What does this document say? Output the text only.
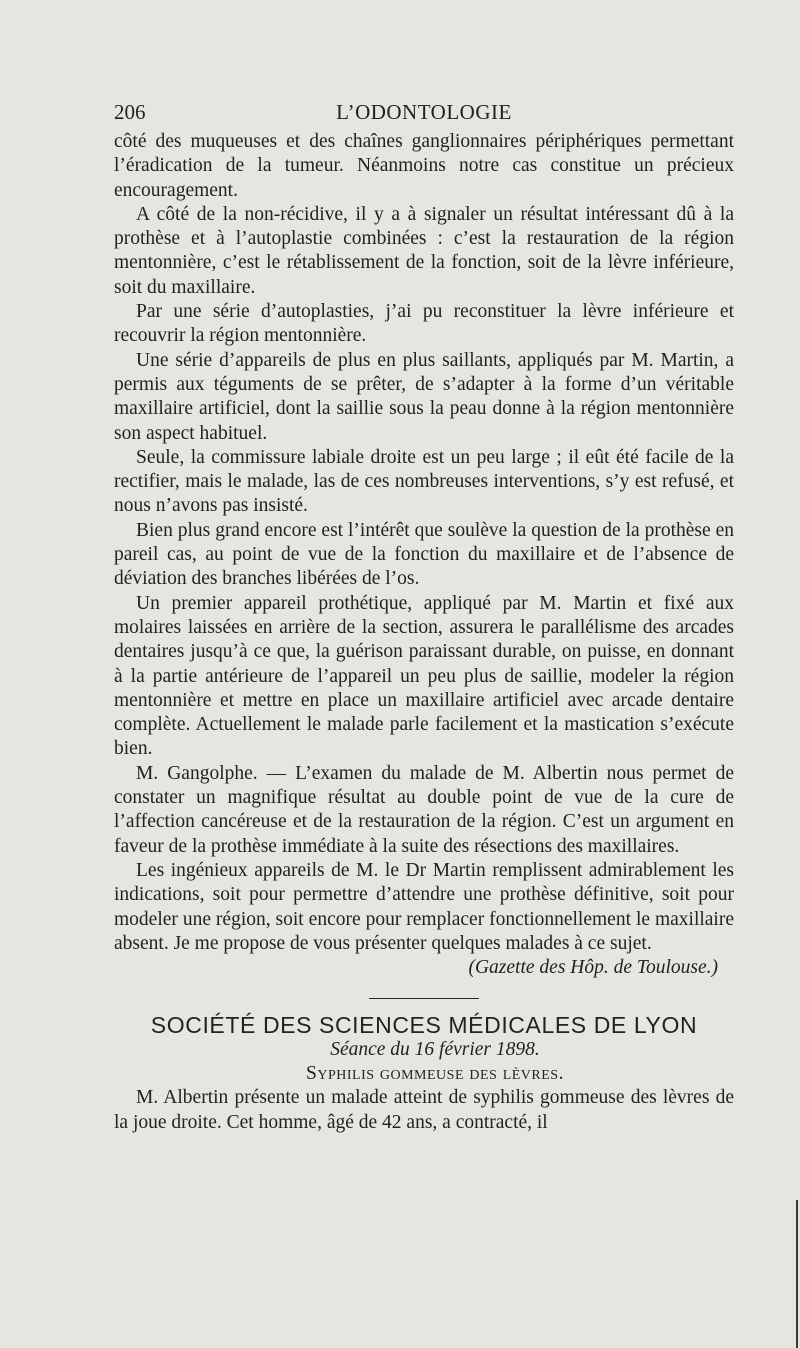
206	L’ODONTOLOGIE

côté des muqueuses et des chaînes ganglionnaires périphériques permettant l’éradication de la tumeur. Néanmoins notre cas constitue un précieux encouragement.

A côté de la non-récidive, il y a à signaler un résultat intéressant dû à la prothèse et à l’autoplastie combinées : c’est la restauration de la région mentonnière, c’est le rétablissement de la fonction, soit de la lèvre inférieure, soit du maxillaire.

Par une série d’autoplasties, j’ai pu reconstituer la lèvre inférieure et recouvrir la région mentonnière.

Une série d’appareils de plus en plus saillants, appliqués par M. Martin, a permis aux téguments de se prêter, de s’adapter à la forme d’un véritable maxillaire artificiel, dont la saillie sous la peau donne à la région mentonnière son aspect habituel.

Seule, la commissure labiale droite est un peu large ; il eût été facile de la rectifier, mais le malade, las de ces nombreuses interventions, s’y est refusé, et nous n’avons pas insisté.

Bien plus grand encore est l’intérêt que soulève la question de la prothèse en pareil cas, au point de vue de la fonction du maxillaire et de l’absence de déviation des branches libérées de l’os.

Un premier appareil prothétique, appliqué par M. Martin et fixé aux molaires laissées en arrière de la section, assurera le parallélisme des arcades dentaires jusqu’à ce que, la guérison paraissant durable, on puisse, en donnant à la partie antérieure de l’appareil un peu plus de saillie, modeler la région mentonnière et mettre en place un maxillaire artificiel avec arcade dentaire complète. Actuellement le malade parle facilement et la mastication s’exécute bien.

M. Gangolphe. — L’examen du malade de M. Albertin nous permet de constater un magnifique résultat au double point de vue de la cure de l’affection cancéreuse et de la restauration de la région. C’est un argument en faveur de la prothèse immédiate à la suite des résections des maxillaires.

Les ingénieux appareils de M. le Dr Martin remplissent admirablement les indications, soit pour permettre d’attendre une prothèse définitive, soit pour modeler une région, soit encore pour remplacer fonctionnellement le maxillaire absent. Je me propose de vous présenter quelques malades à ce sujet.

(Gazette des Hôp. de Toulouse.)

SOCIÉTÉ DES SCIENCES MÉDICALES DE LYON

Séance du 16 février 1898.

Syphilis gommeuse des lèvres.

M. Albertin présente un malade atteint de syphilis gommeuse des lèvres de la joue droite. Cet homme, âgé de 42 ans, a contracté, il
